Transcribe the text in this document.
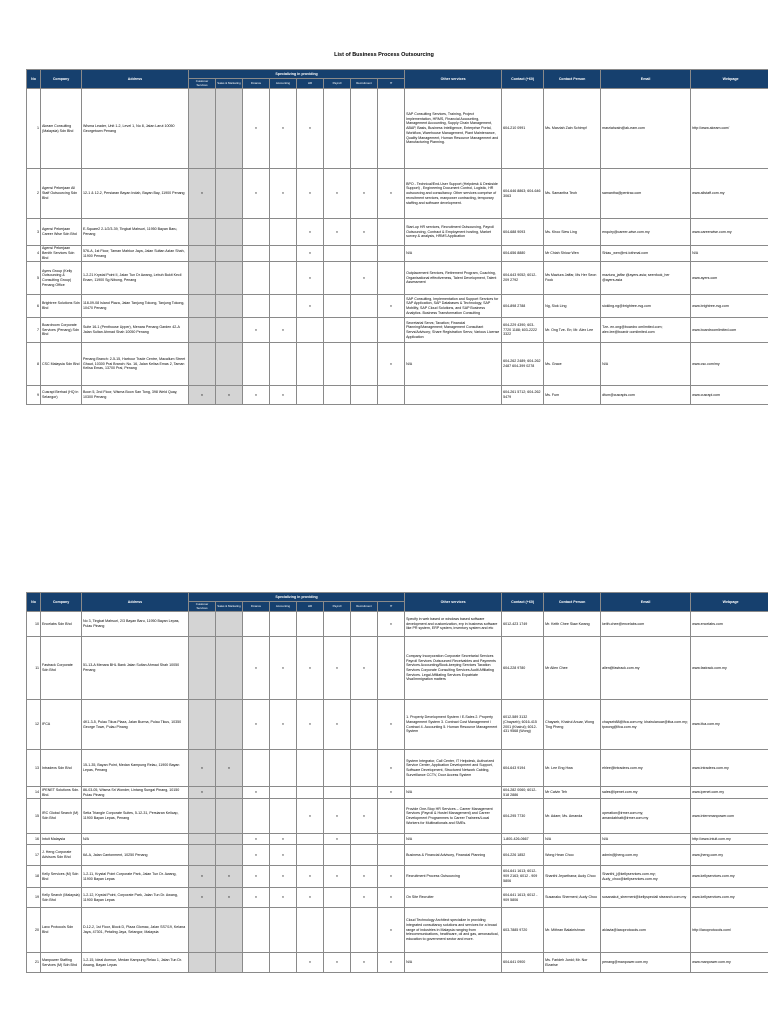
List of Business Process Outsourcing
No	Company	Address	Specializing in providing								Other services	Contact (+60)	Contact Person	Email	Webpage
			Customer Services	Sales & Marketing	Finance	Accounting	HR	Payroll	Recruitment	IT					
1	Akeam Consulting (Malaysia) Sdn Bhd	Wisma Leader, Unit 1-2, Level 1, No 8, Jalan Larut 10050 Georgetown Penang			v	v	v				SAP Consulting Services, Training, Project Implementation, HRMS, Financial Accounting, Management Accounting, Supply Chain Management, ABAP, Basis, Business Intelligence, Enterprise Portal, Workflow, Warehouse Management, Plant Maintenance, Quality Management, Human Resource Management and Manufacturing Planning.	604-210 0991	Ms. Marziah Zain Schimpf	marziahzain@ak-eam.com	http://www.akeam.com/
2	Agensi Pekerjaan All Staff Outsourcing Sdn Bhd	12-1 & 12-2, Persiaran Bayan Indah, Bayan Bay, 11900 Penang	v		v	v	v	v	v	v	BPO - Technical/End-User Support (Helpdesk & Deskside Support) , Engineering Document Control, Logistic, HR outsourcing and consultancy. Other services comprise of recruitment services, manpower contracting, temporary staffing and software development.	604-646 8863; 604-646 3063	Ms. Samantha Teoh	samantha@pentrac.com	www.allstaff.com.my
3	Agensi Pekerjaan Career Wise Sdn Bhd	E-Square2 2-1/2/3-39, Tingkat Mahsuri, 11950 Bayan Baru, Penang					v	v	v		Start-up HR services, Recruitment Outsourcing, Payroll Outsourcing, Contract & Employment hosting, Market survey & analysis, HRMS Application	604-688 9093	Ms. Khoo Siew Ling	enquiry@career-wise.com.my	www.careerwise.com.my
4	Agensi Pekerjaan Benith Services Sdn Bhd	576-A, 1st Floor, Taman Mahkur Jaya, Jalan Sultan Azlan Shah, 11900 Penang					v				N/A	604-656 8880	Mr Chiah Shiow Wen	Shiau_wen@mi-tothmal.com	N/A
5	Ayers Group (Kelly Outsourcing & Consulting Group) Penang Office	1-2-21 Krystal Point II, Jalan Tun Dr Awang, Lebuh Bukit Kecil Enam, 11900 Sg Nibong, Penang					v		v		Outplacement Services, Retirement Program, Coaching, Organisational effectiveness, Talent Development, Talent Assessment	604-643 9052; 6012-209 2792	Ms Maziura Jaffar, Ms Her Seon Fook	maziura_jaffar @ayers.asia; seenfook_her @ayers.asia	www.ayers.com
6	Brightree Solutions Sdn Bhd	118-09-08 Island Plaza, Jalan Tanjung Tokong, Tanjung Tokong, 10470 Penang					v			v	SAP Consulting, Implementation and Support Services for SAP Application, SAP Databases & Technology, SAP Mobility, SAP Cloud Solutions, and SAP Business Analytics. Business Transformation Consulting	604-898 2788	Ng, Siok Ling	siokling.ng@brightree-rsg.com	www.brightree-rsg.com
7	Boardroom Corporate Services (Penang) Sdn Bhd	Suite 16-1 (Penthouse Upper), Menara Penang Garden 42-A Jalan Sultan Ahmad Shah 10050 Penang			v	v					Secretarial Servs; Taxation; Financial Planning/Management; Management Consultant Servs/Advisory; Share Registration Servs; Various License Application	604-229 4390; 603-7720 1188; 603-2222 3322	Mr. Ong Tze- En; Mr. Alex Lee	Tze- en.ong@boardro omlimited.com; alex.lee@boardr oomlimited.com	www.boardroomlimited.com
8	CSC Malaysia Sdn Bhd	Penang Branch: 2-5-15, Harbour Trade Centre, Macallum Street Ghaut, 10300 Prai Branch: No. 16, Jalan Kelisa Emas 2, Taman Kelisa Emas, 13700 Prai, Penang								v	N/A	604-262 2489; 604-262 2487 604-399 0278	Ms. Grace	N/A	www.csc.com/my
9	Cusrapi Berhad (HQ in Selangor)	Boon 5, 2nd Floor, Wisma Boon San Tong, 398 Weld Quay, 10300 Penang	v	v	v	v						604-261 5712; 604-262 5479	Ms. Fum	dfum@cusrapis.com	www.cusrapi.com
No	Company	Address	Specializing in providing								Other services	Contact (+60)	Contact Person	Email	Webpage
			Customer Services	Sales & Marketing	Finance	Accounting	HR	Payroll	Recruitment	IT					
10	Encelabs Sdn Bhd	No 3, Tingkat Mahsuri, 2/3 Bayan Baru, 11950 Bayan Lepas, Pulau Pinang								v	Specify in web based or windows based software development and customization, erp in business software like PR system, ERP system, inventory system and etc	6012-423 1749	Mr. Keith Chee Siaw Kwang	keith.chee@encelabs.com	www.encelabs.com
11	Fastrack Corporate Sdn Bhd	51-13-A Menara BHL Bank Jalan Sultan Ahmad Shah 10050 Penang			v	v	v	v	v		Company Incorporation Corporate Secretarial Services Payroll Services Outsourced Receivables and Payments Services Accounting/Book-keeping Services Taxation Services Corporate Consulting Services Audit Affiliating Services. Legal Affiliating Services Expatriate Visa/Immigration matters	604-228 9780	Mr Allen Chee	allen@fastrack.com.my	www.fastrack.com.my
12	IFCA	4K1-3-5, Pulau Tikus Plaza, Jalan Burma, Pulau Tikus, 10350 George Town, Pulau Pinang			v	v	v	v		v	1. Property Development System / E-Sales 2. Property Management System 3. Contract Cost Management / Contract 4. Accounting 5. Human Resource Management System	6012-589 3132 (Chayseb); 6016-415 2001 (Khairul); 6012-431 9568 (Wong)	Chayseb, Khairul Anuar, Wong Ting Pheng	chayseb88@ifca.com.my; khairulanuar@ifca.com.my; tpwong@ifca.com.my	www.ifca.com.my
13	Intradexs Sdn Bhd	15-1-35, Bayan Point, Medan Kampung Relau, 11900 Bayan Lepas, Penang	v	v						v	System Integrator, Call Center, IT Helpdesk, Authorized Service Center, Application Development and Support, Software Development, Structured Network Cabling, Surveillance CCTV, Door Access System	604-643 9194	Mr. Lee Eng Hwa	ehlee@intradexs.com.my	www.intradexs.com.my
14	IPENET Solutions Sdn. Bhd.	86-03-05, Wisma Sri Wonder, Lintang Sungai Pinang, 10150 Pulau Pinang	v		v					v	N/A	604-282 0060; 6012-518 2886	Mr Calvin Teh	sales@ipenet.com.my	www.ipenet.com.my
15	IRC Global Search (M) Sdn Bhd	Setia Triangle Corporate Suites, 5-12-31, Persiaran Kelicap, 11900 Bayan Lepas, Penang					v	v	v		Provide One-Stop HR Services – Career Management Services (Payroll & Hostel Management) and Career Development Programmes to Career Trainees/Local Workers for Multinationals and SMEs.	604-295 7730	Mr. Adam; Ms. Amanda	operation@irmer.com.my; amandabhatt@irmer.com.my	www.internmanpower.com
16	Intuit Malaysia	N/A			v	v		v			N/A	1-800-426-0667	N/A	N/A	http://www.intuit.com.my
17	J. Heng Corporate Advisors Sdn Bhd	6A-A, Jalan Cantonment, 10250 Penang			v	v					Business & Financial Advisory, Financial Planning	604-226 1852	Wong Hean Choo	admin@jheng.com.my	www.jheng.com.my
18	Kelly Services (M) Sdn Bhd	1-2-11, Krystal Point Corporate Park, Jalan Tun Dr. Awang, 11900 Bayan Lepas	v	v	v	v	v	v	v	v	Recruitment Process Outsourcing	604-641 1613; 6012-909 2163; 6012 - 909 5806	Shanthi Jeyarthana; Audy Choo	Shanthi_j@kellyservices.com.my; Audy_choo@kellyservices.com.my	www.kellyservices.com.my
19	Kelly Search (Malaysia) Sdn Bhd	1-2-12, Krystal Point, Corporate Park, Jalan Tun Dr. Awang, 11900 Bayan Lepas	v	v	v	v	v		v	v	On Site Recruiter	604-641 1613; 6012 - 909 5806	Susanaku Shermeni; Audy Choo	susanakut_shermeni@kellyspeciali stsearch.com.my	www.kellyservices.com.my
20	Laxo Protocols Sdn Bhd	D-12-2, 1st Floor, Block D, Plaza Glomac, Jalan SS7/19, Kelana Jaya, 47301, Petaling Jaya, Selangor, Malaysia								v	Cloud Technology Architect specialize in providing integrated consultancy solutions and services for a broad range of industries in Malaysia ranging from telecommunications, healthcare, oil and gas, aeronautical, education to government sector and more.	603-7885 9720	Mr. Mithran Balakrishnan	aklavia@laxoprotocols.com	http://laxoprotocols.com/
21	Manpower Staffing Services (M) Sdn Bhd	1-2-15, Ideal Avenue, Medan Kampung Relau 1, Jalan Tun Dr. Awang, Bayan Lepas					v	v	v	v	N/A	604-641 0900	Ms. Farideh Junid; Mr. Nor Elzarise	penang@manpower.com.my	www.manpower.com.my
